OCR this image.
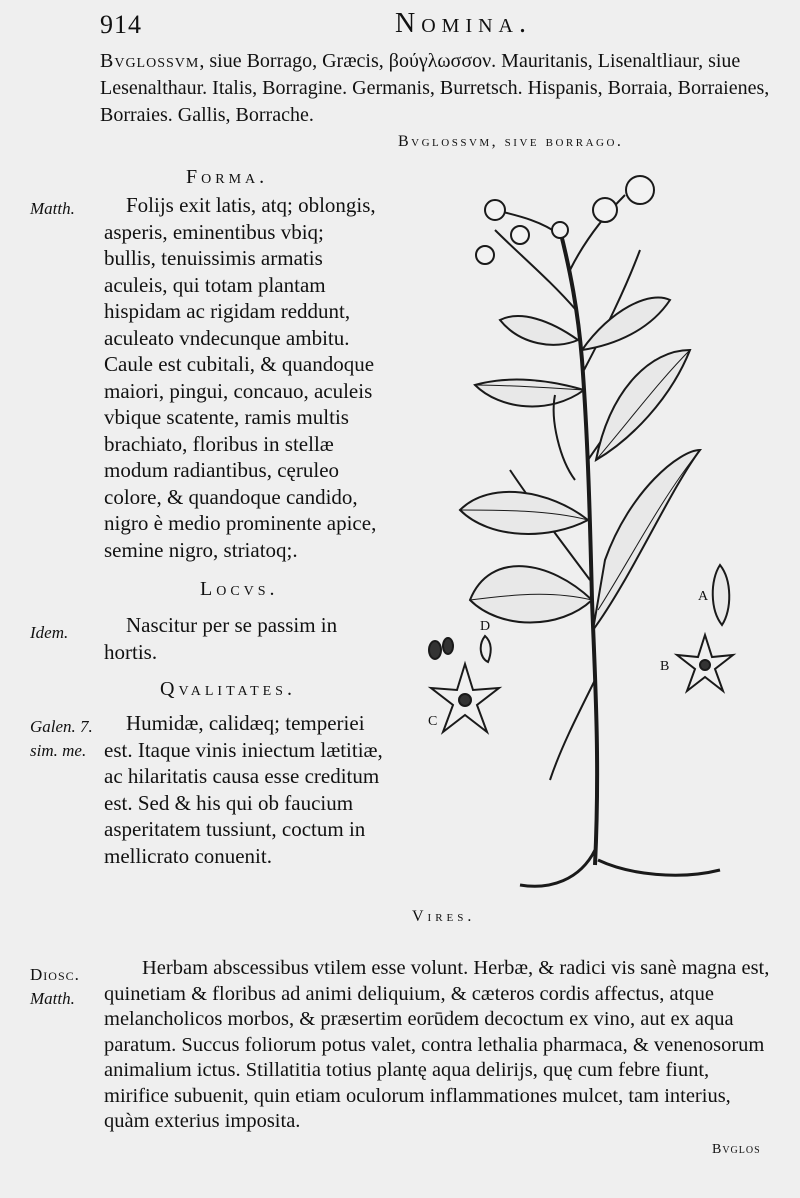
914	Nomina.
Bvglossvm, siue Borrago, Græcis, βούγλωσσον. Mauritanis, Lisenaltliaur, siue Lesenalthaur. Italis, Borragine. Germanis, Burretsch. Hispanis, Borraia, Borraienes, Borraies. Gallis, Borrache.
Bvglossvm, sive borrago.
Forma.
Matth.	Folijs exit latis, atq; oblongis, asperis, eminentibus vbiq; bullis, tenuissimis armatis aculeis, qui totam plantam hispidam ac rigidam reddunt, aculeato vndecunque ambitu. Caule est cubitali, & quandoque maiori, pingui, concauo, aculeis vbique scatente, ramis multis brachiato, floribus in stellæ modum radiantibus, cęruleo colore, & quandoque candido, nigro è medio prominente apice, semine nigro, striatoq;.

Locvs.
Idem.	Nascitur per se passim in hortis.

Qvalitates.
Galen. 7.
sim. me.

Humidæ, calidæq; temperiei est. Itaque vinis iniectum lætitiæ, ac hilaritatis causa esse creditum est. Sed & his qui ob faucium asperitatem tussiunt, coctum in mellicrato conuenit.

A
B
C
D
Vires.
Diosc.
Matth.

Herbam abscessibus vtilem esse volunt. Herbæ, & radici vis sanè magna est, quinetiam & floribus ad animi deliquium, & cæteros cordis affectus, atque melancholicos morbos, & præsertim eorūdem decoctum ex vino, aut ex aqua paratum. Succus foliorum potus valet, contra lethalia pharmaca, & venenosorum animalium ictus. Stillatitia totius plantę aqua delirijs, quę cum febre fiunt, mirifice subuenit, quin etiam oculorum inflammationes mulcet, tam interius, quàm exterius imposita.

Bvglos
